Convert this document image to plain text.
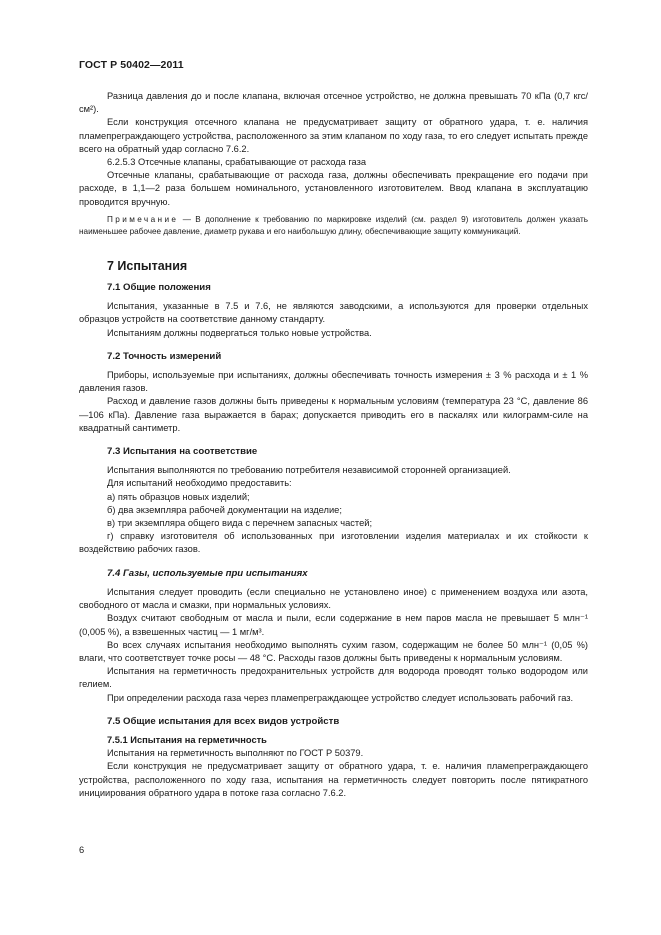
ГОСТ Р 50402—2011

Разница давления до и после клапана, включая отсечное устройство, не должна превышать 70 кПа (0,7 кгс/см²).

Если конструкция отсечного клапана не предусматривает защиту от обратного удара, т. е. наличия пламепреграждающего устройства, расположенного за этим клапаном по ходу газа, то его следует испытать прежде всего на обратный удар согласно 7.6.2.

6.2.5.3 Отсечные клапаны, срабатывающие от расхода газа

Отсечные клапаны, срабатывающие от расхода газа, должны обеспечивать прекращение его подачи при расходе, в 1,1—2 раза большем номинального, установленного изготовителем. Ввод клапана в эксплуатацию проводится вручную.

Примечание — В дополнение к требованию по маркировке изделий (см. раздел 9) изготовитель должен указать наименьшее рабочее давление, диаметр рукава и его наибольшую длину, обеспечивающие защиту коммуникаций.

7 Испытания
7.1 Общие положения

Испытания, указанные в 7.5 и 7.6, не являются заводскими, а используются для проверки отдельных образцов устройств на соответствие данному стандарту.

Испытаниям должны подвергаться только новые устройства.

7.2 Точность измерений

Приборы, используемые при испытаниях, должны обеспечивать точность измерения ± 3 % расхода и ± 1 % давления газов.

Расход и давление газов должны быть приведены к нормальным условиям (температура 23 °С, давление 86—106 кПа). Давление газа выражается в барах; допускается приводить его в паскалях или килограмм-силе на квадратный сантиметр.

7.3 Испытания на соответствие

Испытания выполняются по требованию потребителя независимой сторонней организацией.

Для испытаний необходимо предоставить:

а) пять образцов новых изделий;

б) два экземпляра рабочей документации на изделие;

в) три экземпляра общего вида с перечнем запасных частей;

г) справку изготовителя об использованных при изготовлении изделия материалах и их стойкости к воздействию рабочих газов.

7.4 Газы, используемые при испытаниях

Испытания следует проводить (если специально не установлено иное) с применением воздуха или азота, свободного от масла и смазки, при нормальных условиях.

Воздух считают свободным от масла и пыли, если содержание в нем паров масла не превышает 5 млн⁻¹ (0,005 %), а взвешенных частиц — 1 мг/м³.

Во всех случаях испытания необходимо выполнять сухим газом, содержащим не более 50 млн⁻¹ (0,05 %) влаги, что соответствует точке росы — 48 °С. Расходы газов должны быть приведены к нормальным условиям.

Испытания на герметичность предохранительных устройств для водорода проводят только водородом или гелием.

При определении расхода газа через пламепреграждающее устройство следует использовать рабочий газ.

7.5 Общие испытания для всех видов устройств
7.5.1 Испытания на герметичность

Испытания на герметичность выполняют по ГОСТ Р 50379.

Если конструкция не предусматривает защиту от обратного удара, т. е. наличия пламепреграждающего устройства, расположенного по ходу газа, испытания на герметичность следует повторить после пятикратного инициирования обратного удара в потоке газа согласно 7.6.2.

6
